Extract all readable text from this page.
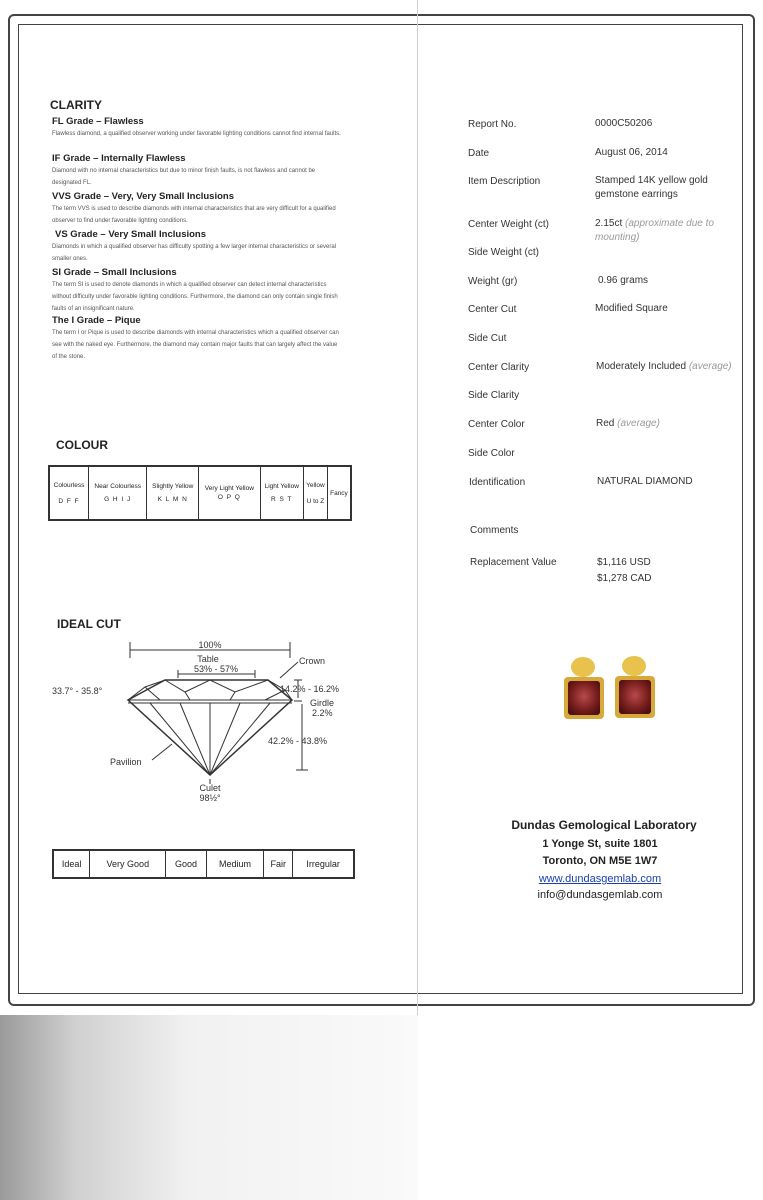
CLARITY
FL Grade – Flawless
Flawless diamond, a qualified observer working under favorable lighting conditions cannot find internal faults.
IF Grade – Internally Flawless
Diamond with no internal characteristics but due to minor finish faults, is not flawless and cannot be designated FL.
VVS Grade – Very, Very Small Inclusions
The term VVS is used to describe diamonds with internal characteristics that are very difficult for a qualified observer to find under favorable lighting conditions.
VS Grade – Very Small Inclusions
Diamonds in which a qualified observer has difficulty spotting a few larger internal characteristics or several smaller ones.
SI Grade – Small Inclusions
The term SI is used to denote diamonds in which a qualified observer can detect internal characteristics without difficulty under favorable lighting conditions. Furthermore, the diamond can only contain single finish faults of an insignificant nature.
The I Grade – Pique
The term I or Pique is used to describe diamonds with internal characteristics which a qualified observer can see with the naked eye. Furthermore, the diamond may contain major faults that can largely affect the value of the stone.
COLOUR
Colourless
D F F

Near Colourless
G H I J

Slightly Yellow
K L M N

Very Light Yellow
O P Q

Light Yellow
R S T

Yellow
U to Z

Fancy
IDEAL CUT
100%
Table
53% - 57%
Crown
33.7° - 35.8°	14.2% - 16.2%
Girdle
2.2%
42.2% - 43.8%
Pavilion
Culet
98½°
Ideal	Very Good	Good	Medium	Fair	Irregular
Report No.	0000C50206
Date	August 06, 2014
Item Description	Stamped 14K yellow gold gemstone earrings
Center Weight (ct)	2.15ct (approximate due to mounting)
Side Weight (ct)
Weight (gr)	0.96 grams
Center Cut	Modified Square
Side Cut
Center Clarity	Moderately Included (average)
Side Clarity
Center Color	Red (average)
Side Color
Identification	NATURAL DIAMOND
Comments
Replacement Value	$1,116 USD
$1,278 CAD
Dundas Gemological Laboratory
1 Yonge St, suite 1801
Toronto, ON M5E 1W7
www.dundasgemlab.com
info@dundasgemlab.com
